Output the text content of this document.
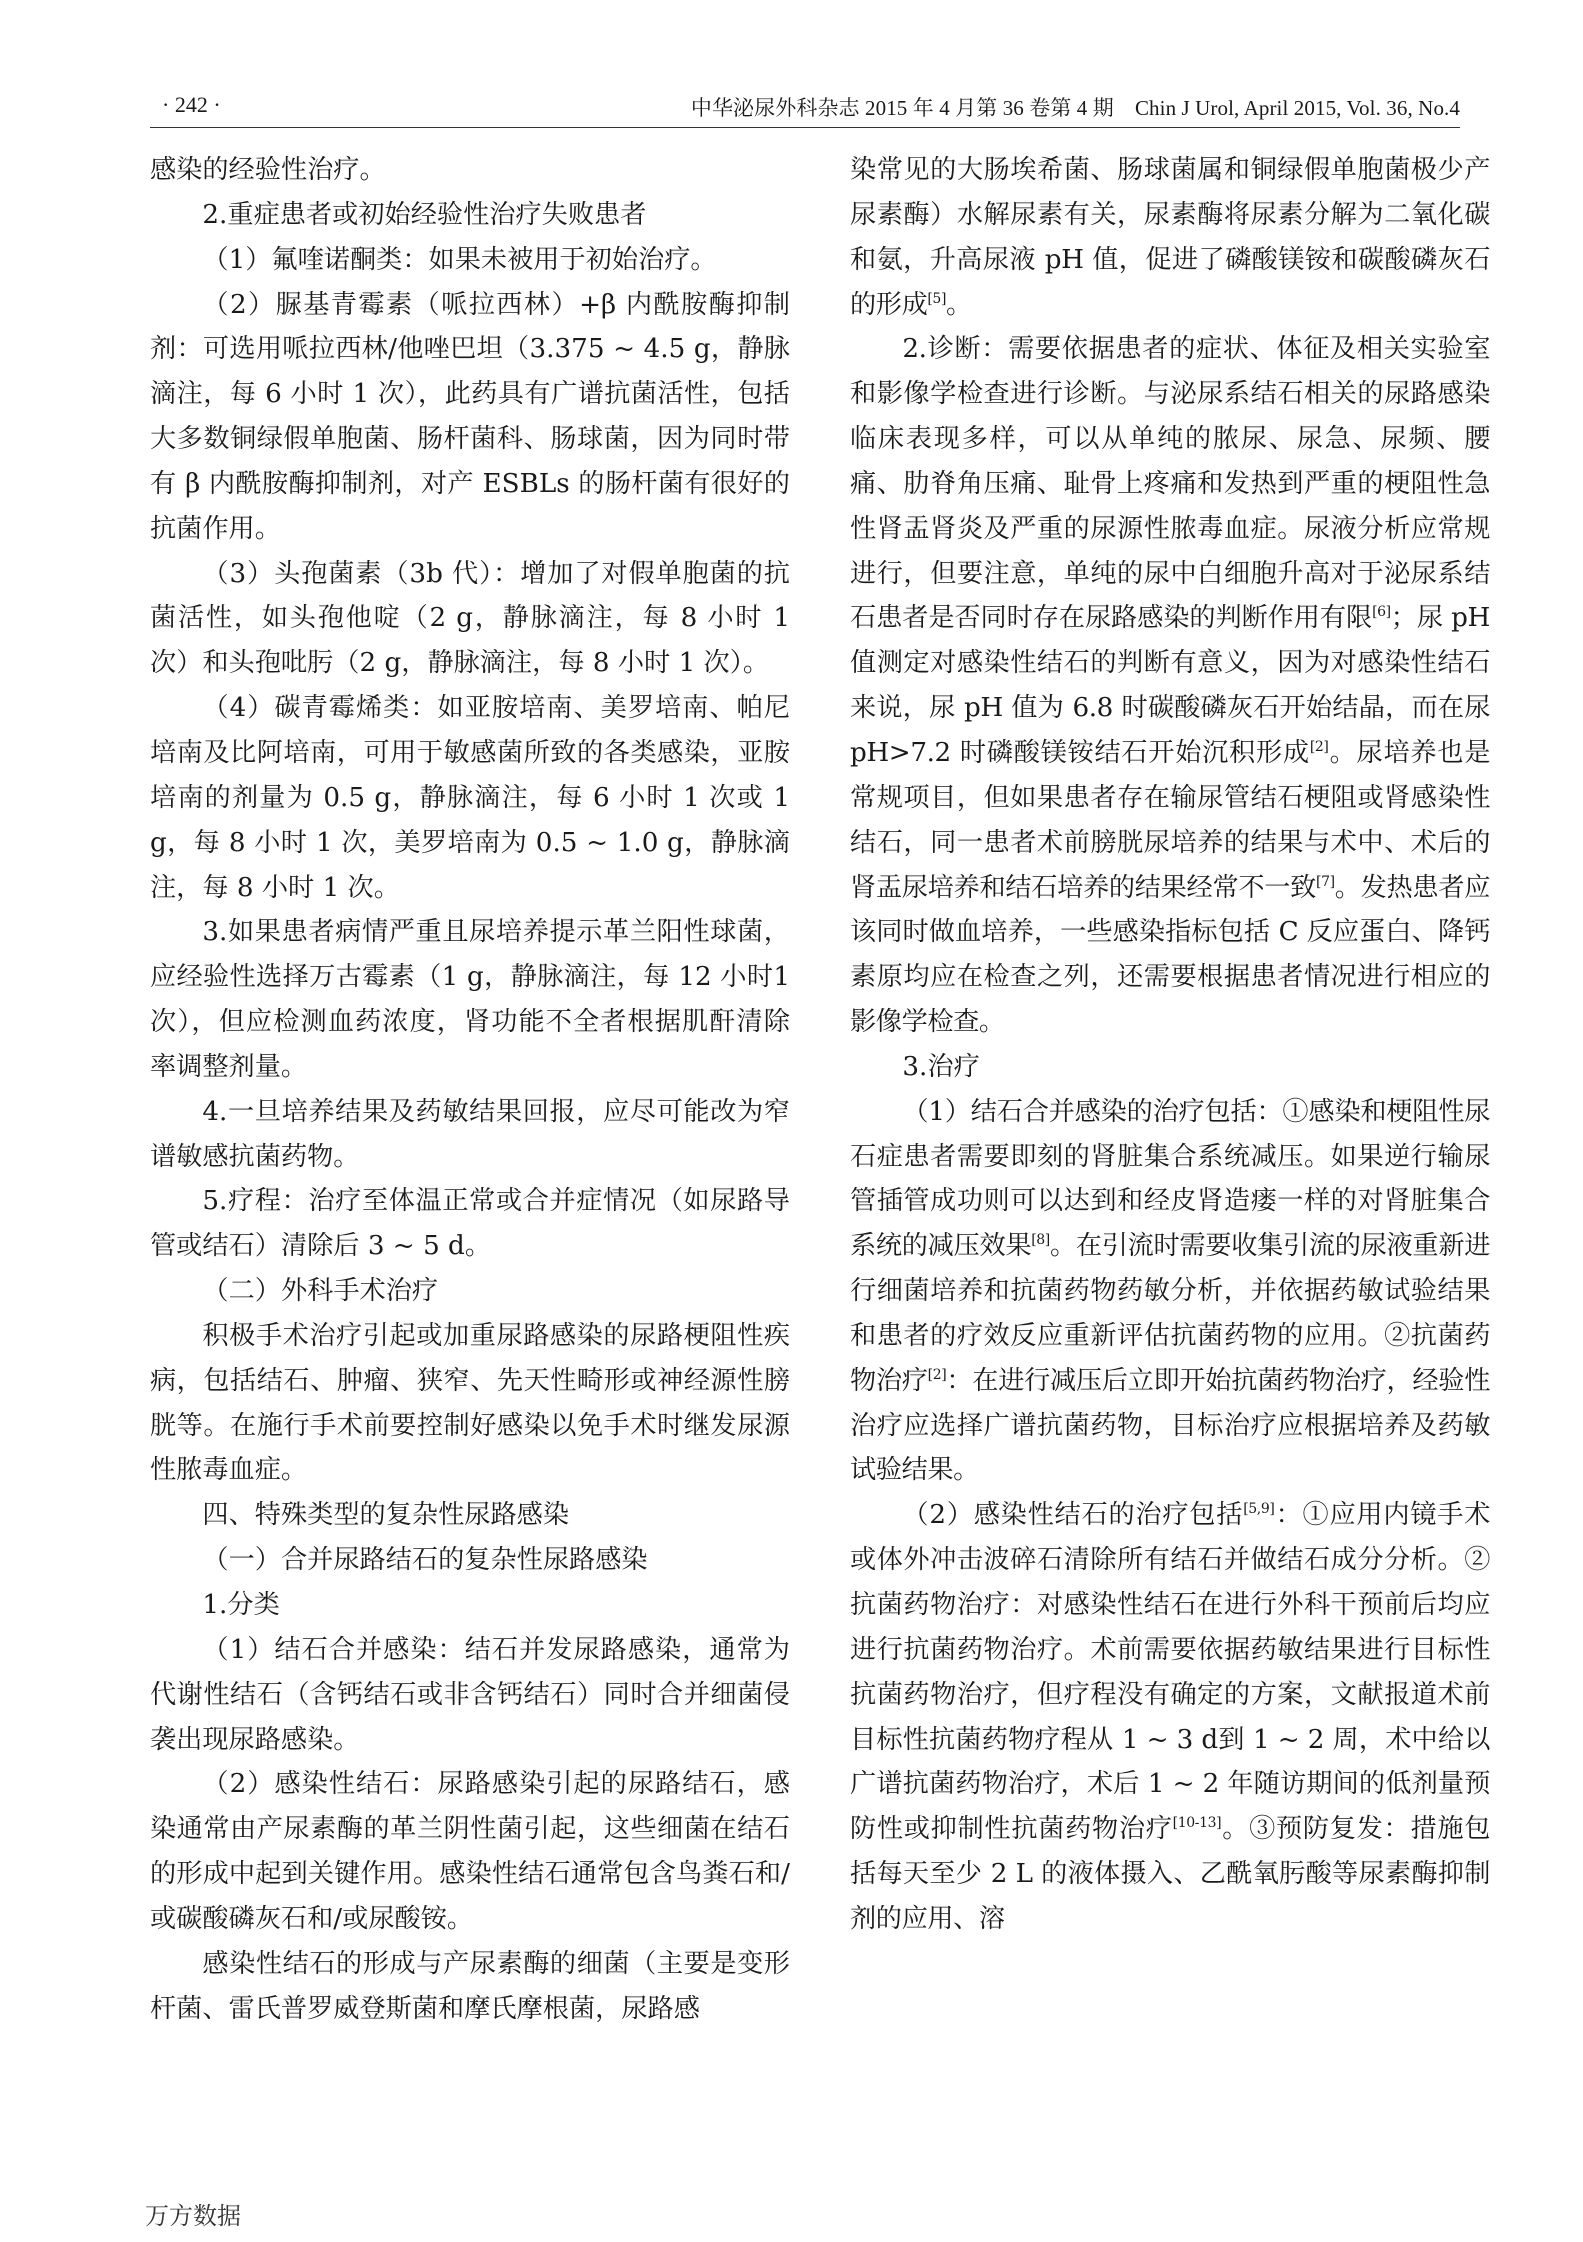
· 242 ·	中华泌尿外科杂志 2015 年 4 月第 36 卷第 4 期　Chin J Urol, April 2015, Vol. 36, No.4

感染的经验性治疗。

2.重症患者或初始经验性治疗失败患者

（1）氟喹诺酮类：如果未被用于初始治疗。

（2）脲基青霉素（哌拉西林）+β 内酰胺酶抑制剂：可选用哌拉西林/他唑巴坦（3.375 ~ 4.5 g，静脉滴注，每 6 小时 1 次），此药具有广谱抗菌活性，包括大多数铜绿假单胞菌、肠杆菌科、肠球菌，因为同时带有 β 内酰胺酶抑制剂，对产 ESBLs 的肠杆菌有很好的抗菌作用。

（3）头孢菌素（3b 代）：增加了对假单胞菌的抗菌活性，如头孢他啶（2 g，静脉滴注，每 8 小时 1 次）和头孢吡肟（2 g，静脉滴注，每 8 小时 1 次）。

（4）碳青霉烯类：如亚胺培南、美罗培南、帕尼培南及比阿培南，可用于敏感菌所致的各类感染，亚胺培南的剂量为 0.5 g，静脉滴注，每 6 小时 1 次或 1 g，每 8 小时 1 次，美罗培南为 0.5 ~ 1.0 g，静脉滴注，每 8 小时 1 次。

3.如果患者病情严重且尿培养提示革兰阳性球菌，应经验性选择万古霉素（1 g，静脉滴注，每 12 小时1 次），但应检测血药浓度，肾功能不全者根据肌酐清除率调整剂量。

4.一旦培养结果及药敏结果回报，应尽可能改为窄谱敏感抗菌药物。

5.疗程：治疗至体温正常或合并症情况（如尿路导管或结石）清除后 3 ~ 5 d。

（二）外科手术治疗

积极手术治疗引起或加重尿路感染的尿路梗阻性疾病，包括结石、肿瘤、狭窄、先天性畸形或神经源性膀胱等。在施行手术前要控制好感染以免手术时继发尿源性脓毒血症。

四、特殊类型的复杂性尿路感染

（一）合并尿路结石的复杂性尿路感染

1.分类

（1）结石合并感染：结石并发尿路感染，通常为代谢性结石（含钙结石或非含钙结石）同时合并细菌侵袭出现尿路感染。

（2）感染性结石：尿路感染引起的尿路结石，感染通常由产尿素酶的革兰阴性菌引起，这些细菌在结石的形成中起到关键作用。感染性结石通常包含鸟粪石和/或碳酸磷灰石和/或尿酸铵。

感染性结石的形成与产尿素酶的细菌（主要是变形杆菌、雷氏普罗威登斯菌和摩氏摩根菌，尿路感

染常见的大肠埃希菌、肠球菌属和铜绿假单胞菌极少产尿素酶）水解尿素有关，尿素酶将尿素分解为二氧化碳和氨，升高尿液 pH 值，促进了磷酸镁铵和碳酸磷灰石的形成[5]。

2.诊断：需要依据患者的症状、体征及相关实验室和影像学检查进行诊断。与泌尿系结石相关的尿路感染临床表现多样，可以从单纯的脓尿、尿急、尿频、腰痛、肋脊角压痛、耻骨上疼痛和发热到严重的梗阻性急性肾盂肾炎及严重的尿源性脓毒血症。尿液分析应常规进行，但要注意，单纯的尿中白细胞升高对于泌尿系结石患者是否同时存在尿路感染的判断作用有限[6]；尿 pH 值测定对感染性结石的判断有意义，因为对感染性结石来说，尿 pH 值为 6.8 时碳酸磷灰石开始结晶，而在尿 pH>7.2 时磷酸镁铵结石开始沉积形成[2]。尿培养也是常规项目，但如果患者存在输尿管结石梗阻或肾感染性结石，同一患者术前膀胱尿培养的结果与术中、术后的肾盂尿培养和结石培养的结果经常不一致[7]。发热患者应该同时做血培养，一些感染指标包括 C 反应蛋白、降钙素原均应在检查之列，还需要根据患者情况进行相应的影像学检查。

3.治疗

（1）结石合并感染的治疗包括：①感染和梗阻性尿石症患者需要即刻的肾脏集合系统减压。如果逆行输尿管插管成功则可以达到和经皮肾造瘘一样的对肾脏集合系统的减压效果[8]。在引流时需要收集引流的尿液重新进行细菌培养和抗菌药物药敏分析，并依据药敏试验结果和患者的疗效反应重新评估抗菌药物的应用。②抗菌药物治疗[2]：在进行减压后立即开始抗菌药物治疗，经验性治疗应选择广谱抗菌药物，目标治疗应根据培养及药敏试验结果。

（2）感染性结石的治疗包括[5,9]：①应用内镜手术或体外冲击波碎石清除所有结石并做结石成分分析。②抗菌药物治疗：对感染性结石在进行外科干预前后均应进行抗菌药物治疗。术前需要依据药敏结果进行目标性抗菌药物治疗，但疗程没有确定的方案，文献报道术前目标性抗菌药物疗程从 1 ~ 3 d到 1 ~ 2 周，术中给以广谱抗菌药物治疗，术后 1 ~ 2 年随访期间的低剂量预防性或抑制性抗菌药物治疗[10-13]。③预防复发：措施包括每天至少 2 L 的液体摄入、乙酰氧肟酸等尿素酶抑制剂的应用、溶

万方数据
